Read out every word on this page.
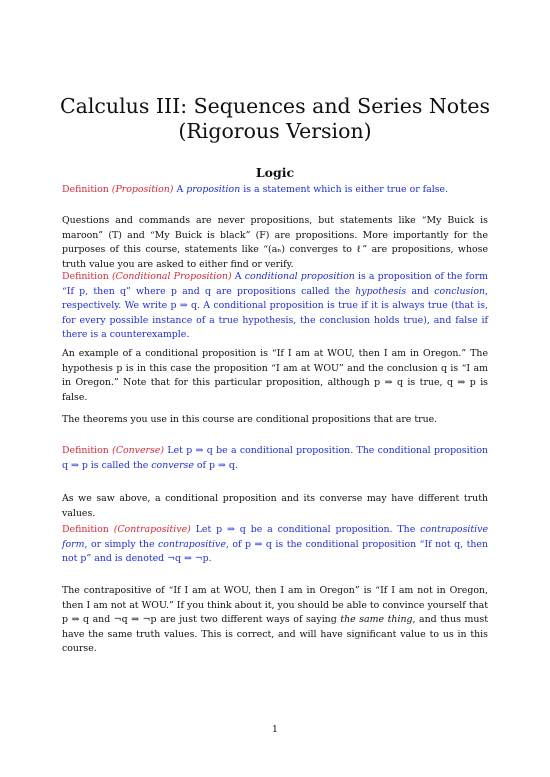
Calculus III: Sequences and Series Notes
(Rigorous Version)
Logic
Definition (Proposition) A proposition is a statement which is either true or false.
Questions and commands are never propositions, but statements like “My Buick is maroon” (T) and “My Buick is black” (F) are propositions. More importantly for the purposes of this course, statements like “(aₙ) converges to ℓ” are propositions, whose truth value you are asked to either find or verify.
Definition (Conditional Proposition) A conditional proposition is a proposition of the form “If p, then q” where p and q are propositions called the hypothesis and conclusion, respectively. We write p ⇒ q. A conditional proposition is true if it is always true (that is, for every possible instance of a true hypothesis, the conclusion holds true), and false if there is a counterexample.
An example of a conditional proposition is “If I am at WOU, then I am in Oregon.” The hypothesis p is in this case the proposition “I am at WOU” and the conclusion q is “I am in Oregon.” Note that for this particular proposition, although p ⇒ q is true, q ⇒ p is false.
The theorems you use in this course are conditional propositions that are true.
Definition (Converse) Let p ⇒ q be a conditional proposition. The conditional proposition q ⇒ p is called the converse of p ⇒ q.
As we saw above, a conditional proposition and its converse may have different truth values.
Definition (Contrapositive) Let p ⇒ q be a conditional proposition. The contrapositive form, or simply the contrapositive, of p ⇒ q is the conditional proposition “If not q, then not p” and is denoted ¬q ⇒ ¬p.
The contrapositive of “If I am at WOU, then I am in Oregon” is “If I am not in Oregon, then I am not at WOU.” If you think about it, you should be able to convince yourself that p ⇒ q and ¬q ⇒ ¬p are just two different ways of saying the same thing, and thus must have the same truth values. This is correct, and will have significant value to us in this course.
1
